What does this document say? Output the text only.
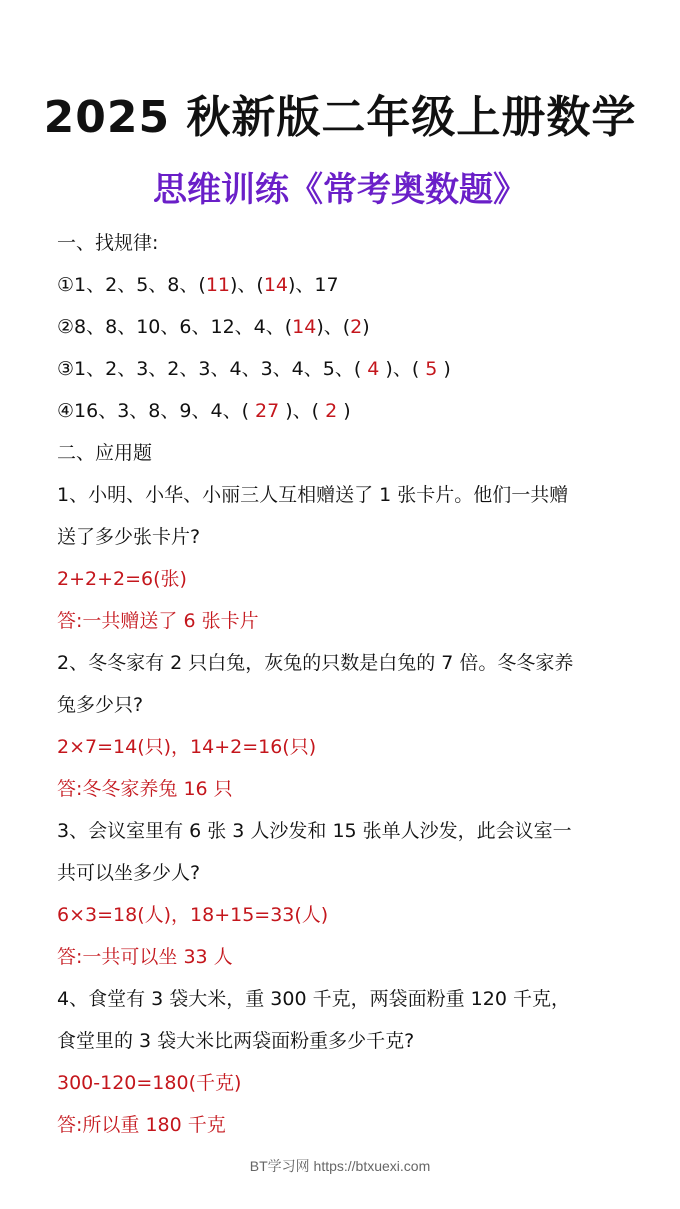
2025 秋新版二年级上册数学
思维训练《常考奥数题》
一、找规律:
①1、2、5、8、(11)、(14)、17
②8、8、10、6、12、4、(14)、(2)
③1、2、3、2、3、4、3、4、5、( 4 )、( 5 )
④16、3、8、9、4、( 27 )、( 2 )
二、应用题
1、小明、小华、小丽三人互相赠送了 1 张卡片。他们一共赠
送了多少张卡片?
2+2+2=6(张)
答:一共赠送了 6 张卡片
2、冬冬家有 2 只白兔，灰兔的只数是白兔的 7 倍。冬冬家养
兔多少只?
2×7=14(只)，14+2=16(只)
答:冬冬家养兔 16 只
3、会议室里有 6 张 3 人沙发和 15 张单人沙发，此会议室一
共可以坐多少人?
6×3=18(人)，18+15=33(人)
答:一共可以坐 33 人
4、食堂有 3 袋大米，重 300 千克，两袋面粉重 120 千克，
食堂里的 3 袋大米比两袋面粉重多少千克?
300-120=180(千克)
答:所以重 180 千克
BT学习网 https://btxuexi.com
